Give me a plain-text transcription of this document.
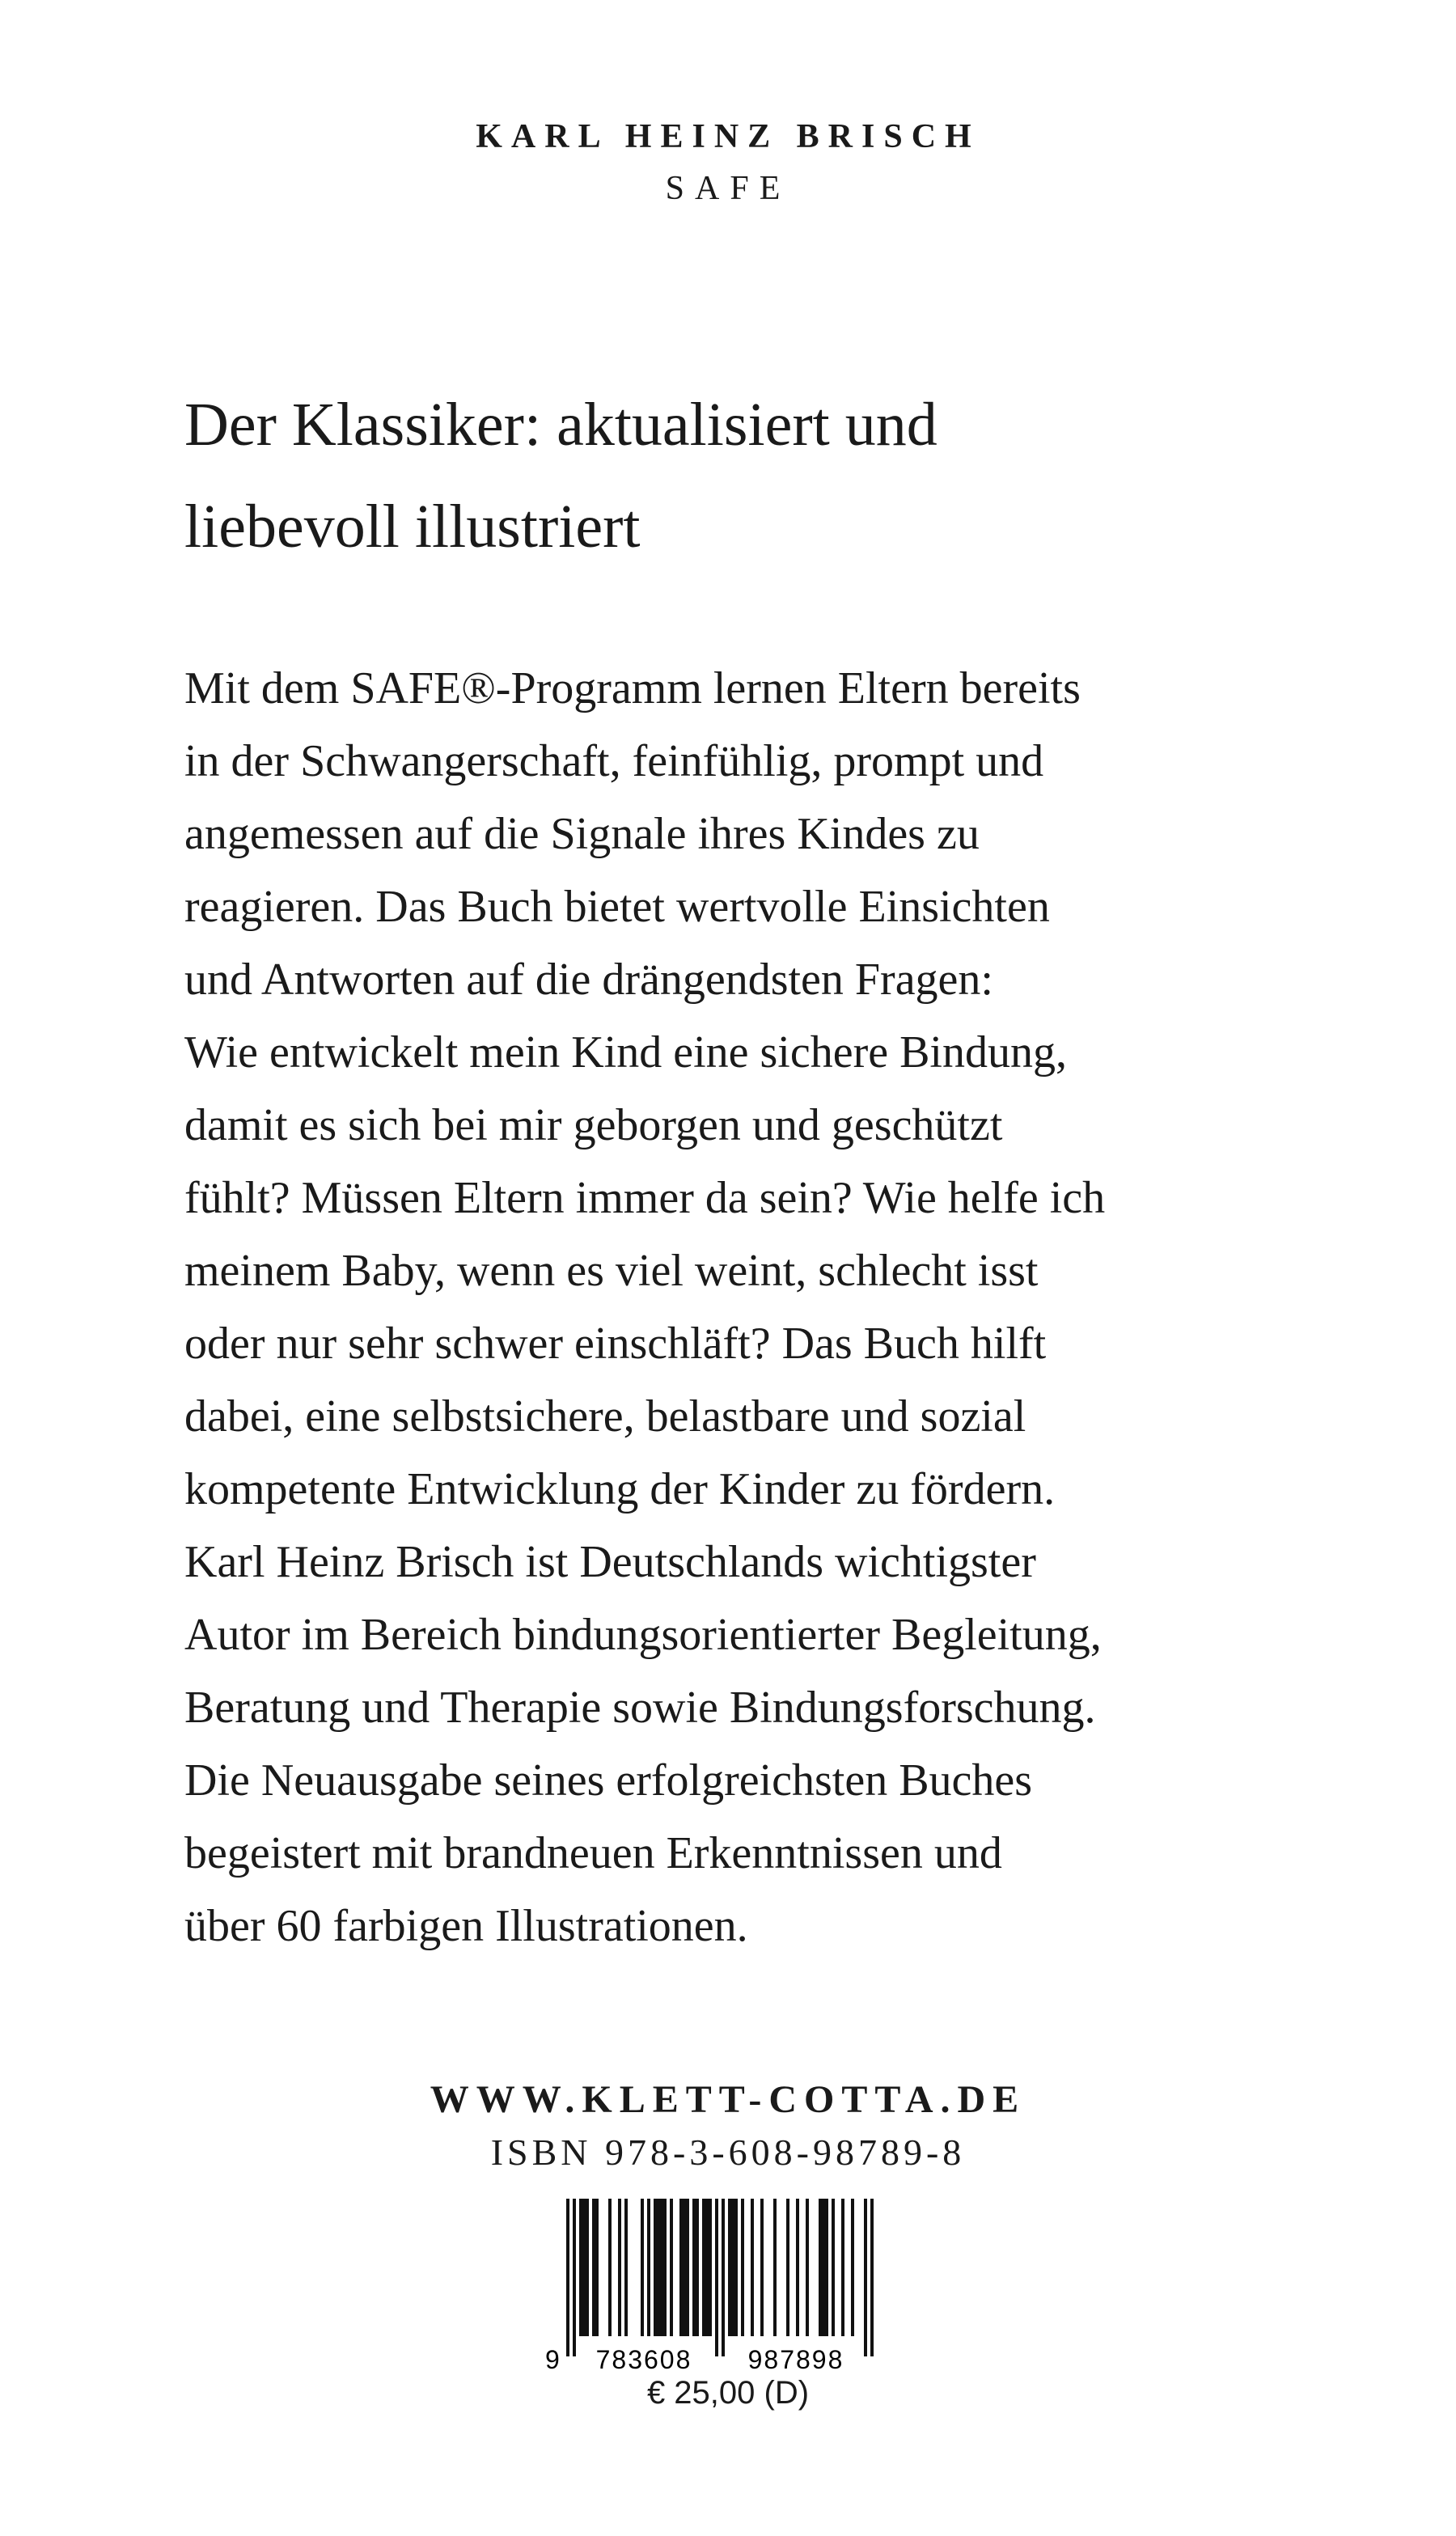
KARL HEINZ BRISCH
SAFE
Der Klassiker: aktualisiert und
liebevoll illustriert
Mit dem SAFE®-Programm lernen Eltern bereits
in der Schwangerschaft, feinfühlig, prompt und
angemessen auf die Signale ihres Kindes zu
reagieren. Das Buch bietet wertvolle Einsichten
und Antworten auf die drängendsten Fragen:
Wie entwickelt mein Kind eine sichere Bindung,
damit es sich bei mir geborgen und geschützt
fühlt? Müssen Eltern immer da sein? Wie helfe ich
meinem Baby, wenn es viel weint, schlecht isst
oder nur sehr schwer einschläft? Das Buch hilft
dabei, eine selbstsichere, belastbare und sozial
kompetente Entwicklung der Kinder zu fördern.
Karl Heinz Brisch ist Deutschlands wichtigster
Autor im Bereich bindungsorientierter Begleitung,
Beratung und Therapie sowie Bindungsforschung.
Die Neuausgabe seines erfolgreichsten Buches
begeistert mit brandneuen Erkenntnissen und
über 60 farbigen Illustrationen.
WWW.KLETT-COTTA.DE
ISBN 978-3-608-98789-8
9 783608 987898
€ 25,00 (D)
